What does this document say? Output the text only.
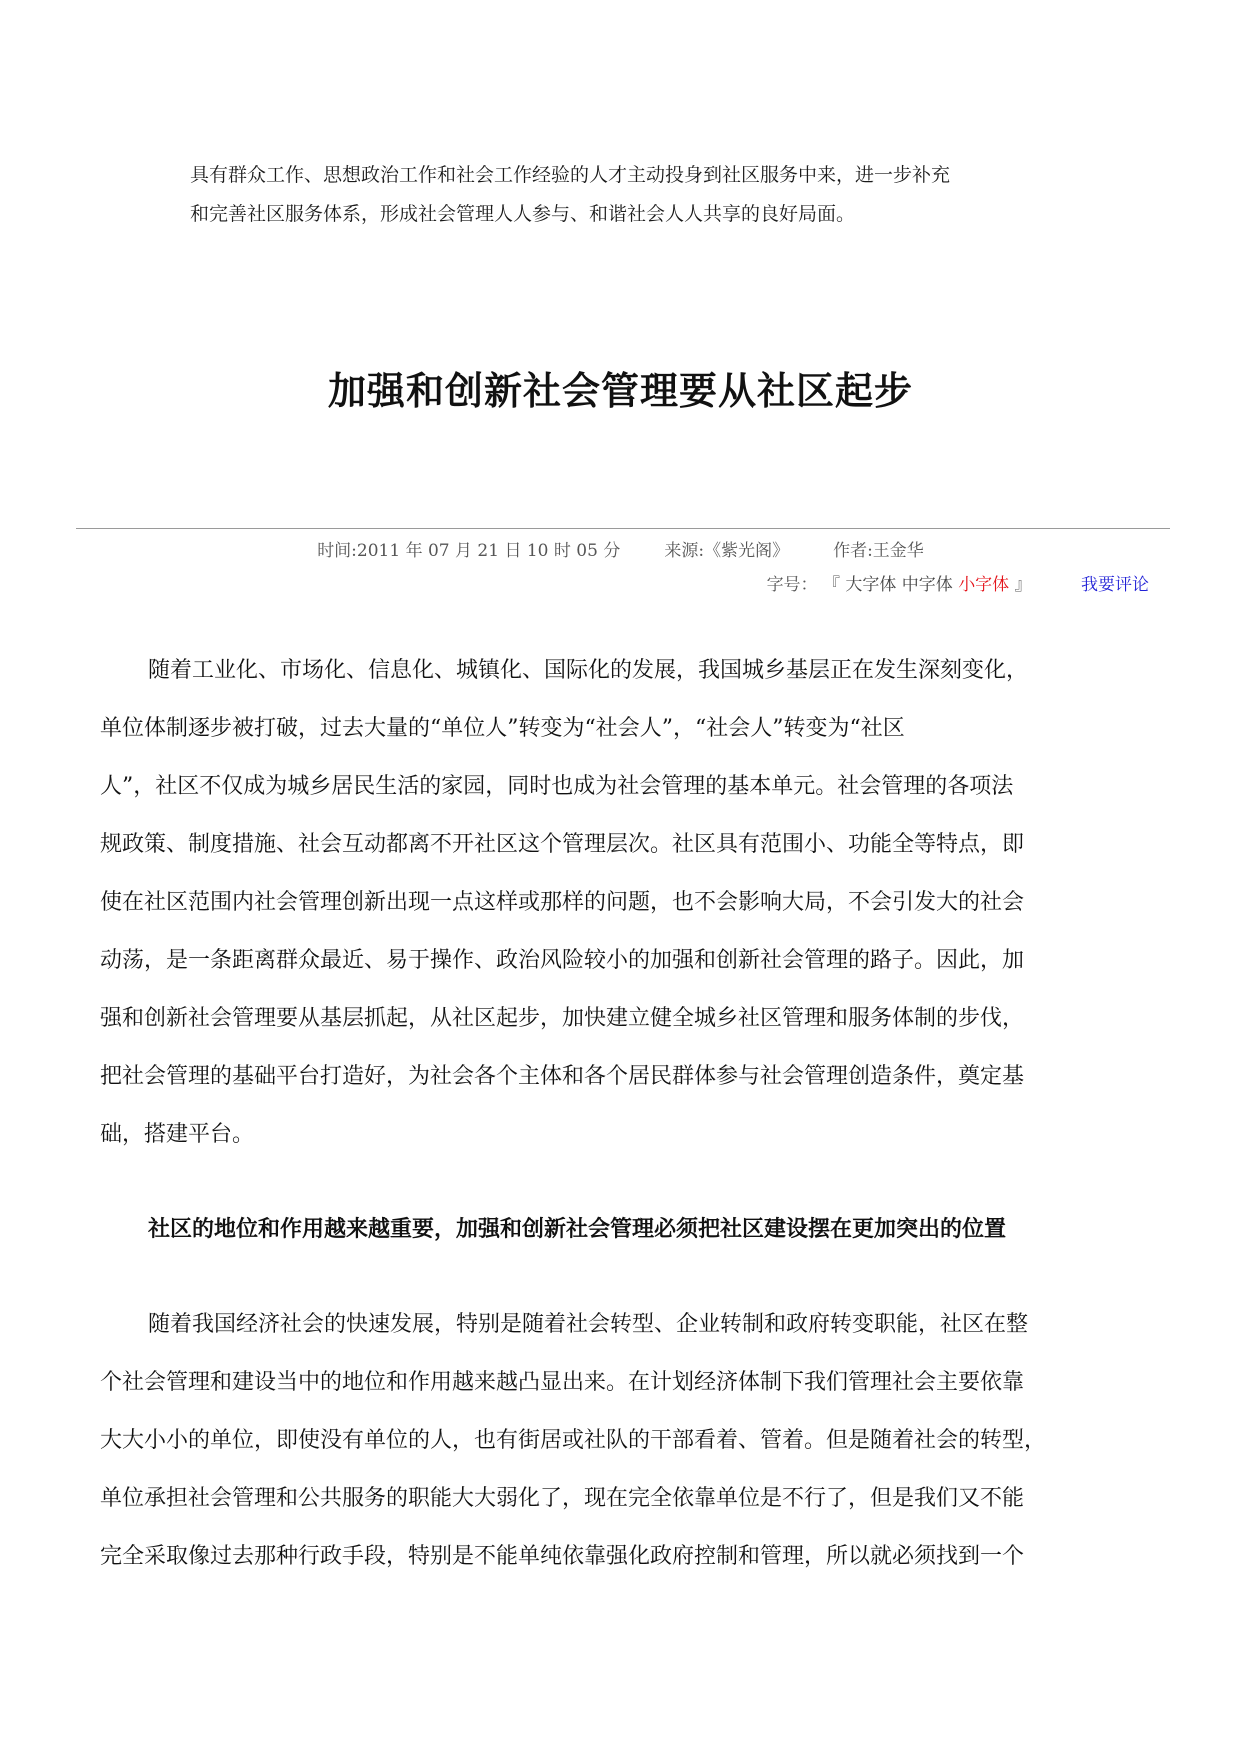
具有群众工作、思想政治工作和社会工作经验的人才主动投身到社区服务中来，进一步补充

和完善社区服务体系，形成社会管理人人参与、和谐社会人人共享的良好局面。

加强和创新社会管理要从社区起步
时间:2011 年 07 月 21 日 10 时 05 分	来源:《紫光阁》	作者:王金华
字号： 『 大字体 中字体 小字体 』	我要评论
随着工业化、市场化、信息化、城镇化、国际化的发展，我国城乡基层正在发生深刻变化，
单位体制逐步被打破，过去大量的“单位人”转变为“社会人”，“社会人”转变为“社区
人”，社区不仅成为城乡居民生活的家园，同时也成为社会管理的基本单元。社会管理的各项法
规政策、制度措施、社会互动都离不开社区这个管理层次。社区具有范围小、功能全等特点，即
使在社区范围内社会管理创新出现一点这样或那样的问题，也不会影响大局，不会引发大的社会
动荡，是一条距离群众最近、易于操作、政治风险较小的加强和创新社会管理的路子。因此，加
强和创新社会管理要从基层抓起，从社区起步，加快建立健全城乡社区管理和服务体制的步伐，
把社会管理的基础平台打造好，为社会各个主体和各个居民群体参与社会管理创造条件，奠定基
础，搭建平台。
社区的地位和作用越来越重要，加强和创新社会管理必须把社区建设摆在更加突出的位置
随着我国经济社会的快速发展，特别是随着社会转型、企业转制和政府转变职能，社区在整
个社会管理和建设当中的地位和作用越来越凸显出来。在计划经济体制下我们管理社会主要依靠
大大小小的单位，即使没有单位的人，也有街居或社队的干部看着、管着。但是随着社会的转型，
单位承担社会管理和公共服务的职能大大弱化了，现在完全依靠单位是不行了，但是我们又不能
完全采取像过去那种行政手段，特别是不能单纯依靠强化政府控制和管理，所以就必须找到一个
